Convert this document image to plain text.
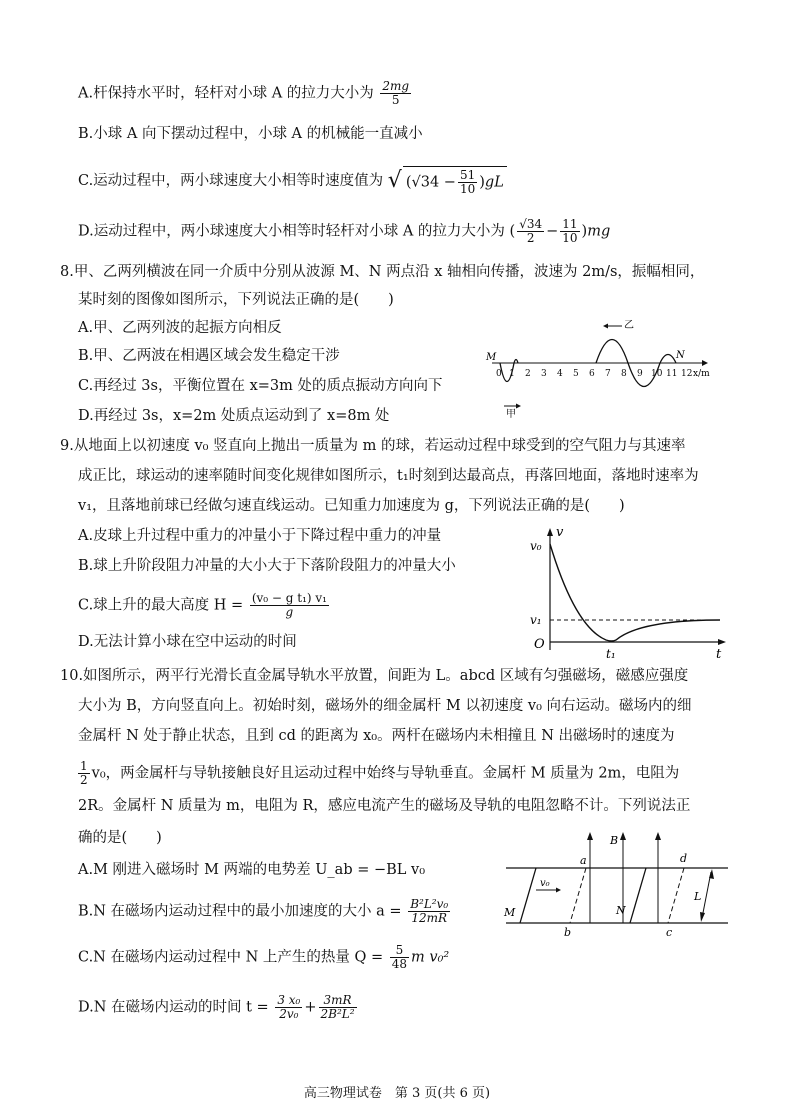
A.杆保持水平时，轻杆对小球 A 的拉力大小为 $\frac{2mg}{5}$
B.小球 A 向下摆动过程中，小球 A 的机械能一直减小
C.运动过程中，两小球速度大小相等时速度值为 √ $(√34 - \frac{51}{10} )gL$
D.运动过程中，两小球速度大小相等时轻杆对小球 A 的拉力大小为 ( $\frac{√34}{2} - \frac{11}{10} )mg$
8.甲、乙两列横波在同一介质中分别从波源 M、N 两点沿 x 轴相向传播，波速为 2m/s，振幅相同，
某时刻的图像如图所示，下列说法正确的是(　　)
A.甲、乙两列波的起振方向相反
B.甲、乙两波在相遇区域会发生稳定干涉
C.再经过 3s，平衡位置在 x=3m 处的质点振动方向向下
D.再经过 3s，x=2m 处质点运动到了 x=8m 处
0 1 2 3 4 5 6 7 8 9 10 11 12 x/m
M	N
甲
乙
9.从地面上以初速度 v₀ 竖直向上抛出一质量为 m 的球，若运动过程中球受到的空气阻力与其速率
成正比，球运动的速率随时间变化规律如图所示，t₁时刻到达最高点，再落回地面，落地时速率为
v₁，且落地前球已经做匀速直线运动。已知重力加速度为 g，下列说法正确的是(　　)
A.皮球上升过程中重力的冲量小于下降过程中重力的冲量
B.球上升阶段阻力冲量的大小大于下落阶段阻力的冲量大小
C.球上升的最大高度 $H = \frac{\text{(v₀ − g t₁) v₁}}{g}$
D.无法计算小球在空中运动的时间
v
v₀
v₁
O
t₁	t
10.如图所示，两平行光滑长直金属导轨水平放置，间距为 L。abcd 区域有匀强磁场，磁感应强度
大小为 B，方向竖直向上。初始时刻，磁场外的细金属杆 M 以初速度 v₀ 向右运动。磁场内的细
金属杆 N 处于静止状态，且到 cd 的距离为 x₀。两杆在磁场内未相撞且 N 出磁场时的速度为
$\frac{1}{2} v_0$，两金属杆与导轨接触良好且运动过程中始终与导轨垂直。金属杆 M 质量为 2m，电阻为
2R。金属杆 N 质量为 m，电阻为 R，感应电流产生的磁场及导轨的电阻忽略不计。下列说法正
确的是(　　)
A.M 刚进入磁场时 M 两端的电势差 U_ab = −BL v₀
B.N 在磁场内运动过程中的最小加速度的大小 $a = \frac{\text{B²L²v₀}}{12mR}$
C.N 在磁场内运动过程中 N 上产生的热量 $Q = \frac{5}{48}$ m v₀²
D.N 在磁场内运动的时间 $t = \frac{\text{3 x₀}}{\text{2v₀}} + \frac{3mR}{\text{2B²L²}}$
B
a	d
b	c
M
v₀
N
L
高三物理试卷　第 3 页(共 6 页)
